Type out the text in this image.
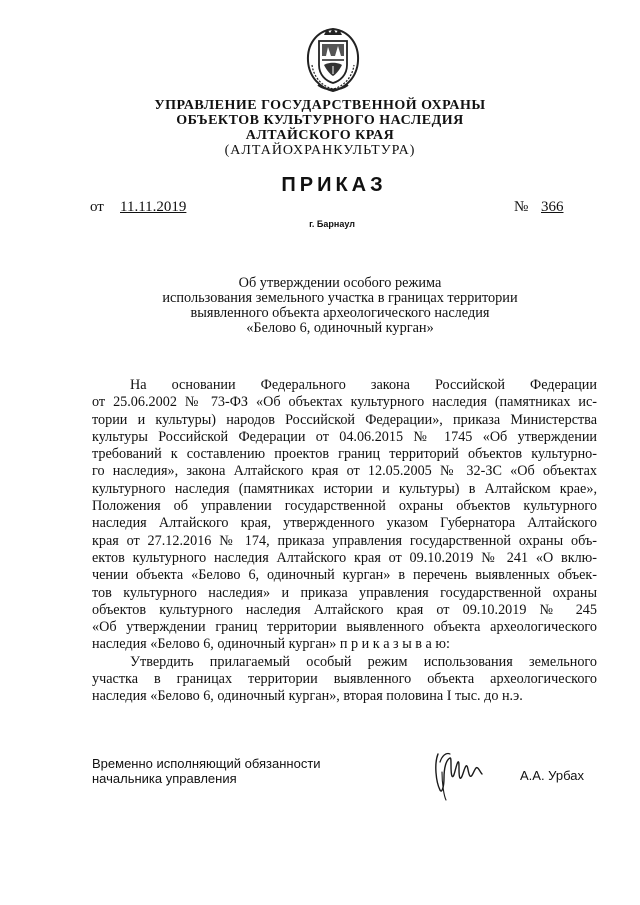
УПРАВЛЕНИЕ ГОСУДАРСТВЕННОЙ ОХРАНЫ
ОБЪЕКТОВ КУЛЬТУРНОГО НАСЛЕДИЯ
АЛТАЙСКОГО КРАЯ
(АЛТАЙОХРАНКУЛЬТУРА)
ПРИКАЗ
от 11.11.2019	№ 366
г. Барнаул
Об утверждении особого режима
использования земельного участка в границах территории
выявленного объекта археологического наследия
«Белово 6, одиночный курган»
На основании Федерального закона Российской Федерации
от 25.06.2002 № 73-ФЗ «Об объектах культурного наследия (памятниках ис-
тории и культуры) народов Российской Федерации», приказа Министерства
культуры Российской Федерации от 04.06.2015 № 1745 «Об утверждении
требований к составлению проектов границ территорий объектов культурно-
го наследия», закона Алтайского края от 12.05.2005 № 32-ЗС «Об объектах
культурного наследия (памятниках истории и культуры) в Алтайском крае»,
Положения об управлении государственной охраны объектов культурного
наследия Алтайского края, утвержденного указом Губернатора Алтайского
края от 27.12.2016 № 174, приказа управления государственной охраны объ-
ектов культурного наследия Алтайского края от 09.10.2019 № 241 «О вклю-
чении объекта «Белово 6, одиночный курган» в перечень выявленных объек-
тов культурного наследия» и приказа управления государственной охраны
объектов культурного наследия Алтайского края от 09.10.2019 № 245
«Об утверждении границ территории выявленного объекта археологического
наследия «Белово 6, одиночный курган» п р и к а з ы в а ю:
Утвердить прилагаемый особый режим использования земельного
участка в границах территории выявленного объекта археологического
наследия «Белово 6, одиночный курган», вторая половина I тыс. до н.э.
Временно исполняющий обязанности
начальника управления	А.А. Урбах
